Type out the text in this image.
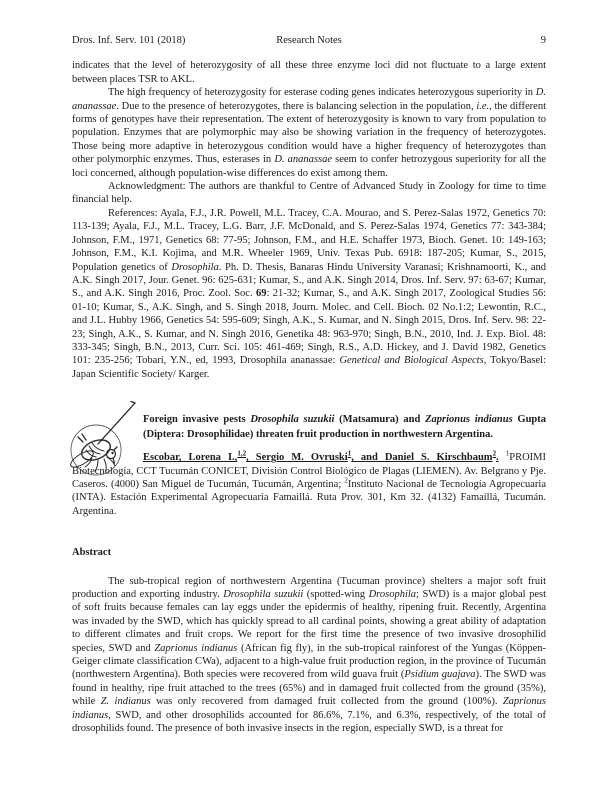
Dros. Inf. Serv. 101 (2018)	Research Notes	9

indicates that the level of heterozygosity of all these three enzyme loci did not fluctuate to a large extent between places TSR to AKL.

The high frequency of heterozygosity for esterase coding genes indicates heterozygous superiority in D. ananassae. Due to the presence of heterozygotes, there is balancing selection in the population, i.e., the different forms of genotypes have their representation. The extent of heterozygosity is known to vary from population to population. Enzymes that are polymorphic may also be showing variation in the frequency of heterozygotes. Those being more adaptive in heterozygous condition would have a higher frequency of heterozygotes than other polymorphic enzymes. Thus, esterases in D. ananassae seem to confer hetrozygous superiority for all the loci concerned, although population-wise differences do exist among them.

Acknowledgment: The authors are thankful to Centre of Advanced Study in Zoology for time to time financial help.

References: Ayala, F.J., J.R. Powell, M.L. Tracey, C.A. Mourao, and S. Perez-Salas 1972, Genetics 70: 113-139; Ayala, F.J., M.L. Tracey, L.G. Barr, J.F. McDonald, and S. Perez-Salas 1974, Genetics 77: 343-384; Johnson, F.M., 1971, Genetics 68: 77-95; Johnson, F.M., and H.E. Schaffer 1973, Bioch. Genet. 10: 149-163; Johnson, F.M., K.I. Kojima, and M.R. Wheeler 1969, Univ. Texas Pub. 6918: 187-205; Kumar, S., 2015, Population genetics of Drosophila. Ph. D. Thesis, Banaras Hindu University Varanasi; Krishnamoorti, K., and A.K. Singh 2017, Jour. Genet. 96: 625-631; Kumar, S., and A.K. Singh 2014, Dros. Inf. Serv. 97: 63-67; Kumar, S., and A.K. Singh 2016, Proc. Zool. Soc. 69: 21-32; Kumar, S., and A.K. Singh 2017, Zoological Studies 56: 01-10; Kumar, S., A.K. Singh, and S. Singh 2018, Journ. Molec. and Cell. Bioch. 02 No.1:2; Lewontin, R.C., and J.L. Hubby 1966, Genetics 54: 595-609; Singh, A.K., S. Kumar, and N. Singh 2015, Dros. Inf. Serv. 98: 22-23; Singh, A.K., S. Kumar, and N. Singh 2016, Genetika 48: 963-970; Singh, B.N., 2010, Ind. J. Exp. Biol. 48: 333-345; Singh, B.N., 2013, Curr. Sci. 105: 461-469; Singh, R.S., A.D. Hickey, and J. David 1982, Genetics 101: 235-256; Tobari, Y.N., ed, 1993, Drosophila ananassae: Genetical and Biological Aspects, Tokyo/Basel: Japan Scientific Society/ Karger.

Foreign invasive pests Drosophila suzukii (Matsamura) and Zaprionus indianus Gupta (Diptera: Drosophilidae) threaten fruit production in northwestern Argentina.

Escobar, Lorena I.,$^{1,2}$, Sergio M. Ovruski$^1$, and Daniel S. Kirschbaum$^2$. $^1$PROIMI Biotecnología, CCT Tucumán CONICET, División Control Biológico de Plagas (LIEMEN). Av. Belgrano y Pje. Caseros. (4000) San Miguel de Tucumán, Tucumán, Argentina; $^2$Instituto Nacional de Tecnología Agropecuaria (INTA). Estación Experimental Agropecuaria Famaillá. Ruta Prov. 301, Km 32. (4132) Famaillá, Tucumán. Argentina.

Abstract

The sub-tropical region of northwestern Argentina (Tucuman province) shelters a major soft fruit production and exporting industry. Drosophila suzukii (spotted-wing Drosophila; SWD) is a major global pest of soft fruits because females can lay eggs under the epidermis of healthy, ripening fruit. Recently, Argentina was invaded by the SWD, which has quickly spread to all cardinal points, showing a great ability of adaptation to different climates and fruit crops. We report for the first time the presence of two invasive drosophilid species, SWD and Zaprionus indianus (African fig fly), in the sub-tropical rainforest of the Yungas (Köppen-Geiger climate classification CWa), adjacent to a high-value fruit production region, in the province of Tucumán (northwestern Argentina). Both species were recovered from wild guava fruit (Psidium guajava). The SWD was found in healthy, ripe fruit attached to the trees (65%) and in damaged fruit collected from the ground (35%), while Z. indianus was only recovered from damaged fruit collected from the ground (100%). Zaprionus indianus, SWD, and other drosophilids accounted for 86.6%, 7.1%, and 6.3%, respectively, of the total of drosophilids found. The presence of both invasive insects in the region, especially SWD, is a threat for
